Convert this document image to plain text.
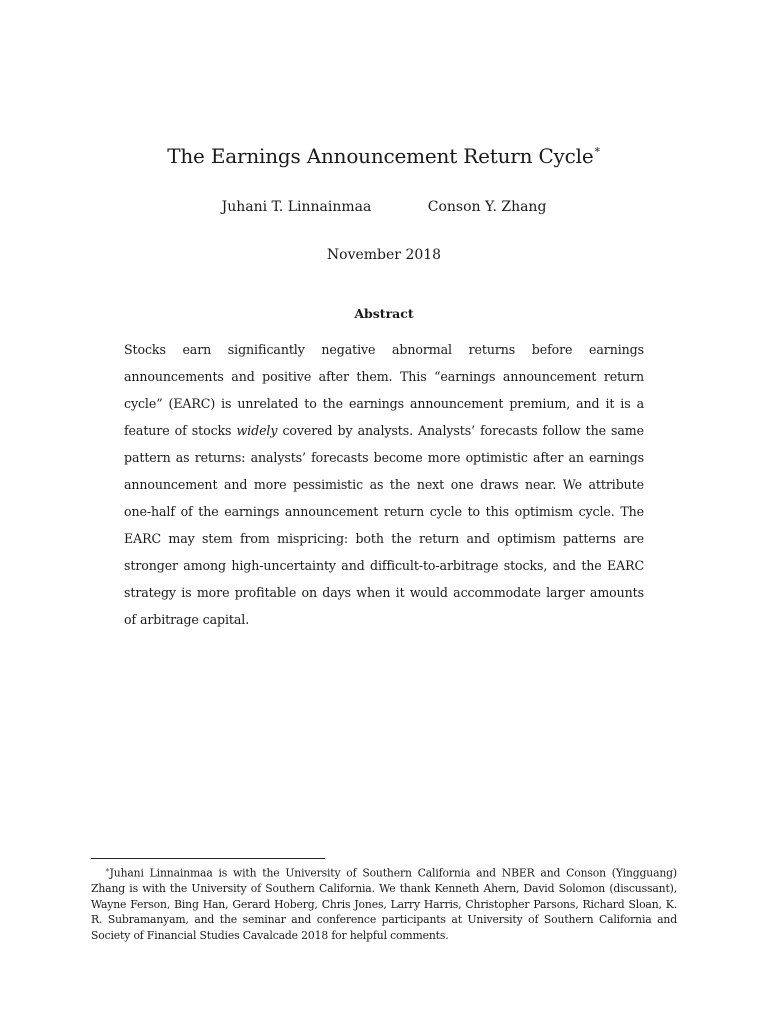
The Earnings Announcement Return Cycle∗
Juhani T. Linnainmaa	Conson Y. Zhang
November 2018
Abstract
Stocks earn significantly negative abnormal returns before earnings announcements and positive after them. This “earnings announcement return cycle” (EARC) is unrelated to the earnings announcement premium, and it is a feature of stocks widely covered by analysts. Analysts’ forecasts follow the same pattern as returns: analysts’ forecasts become more optimistic after an earnings announcement and more pessimistic as the next one draws near. We attribute one-half of the earnings announcement return cycle to this optimism cycle. The EARC may stem from mispricing: both the return and optimism patterns are stronger among high-uncertainty and difficult-to-arbitrage stocks, and the EARC strategy is more profitable on days when it would accommodate larger amounts of arbitrage capital.
∗Juhani Linnainmaa is with the University of Southern California and NBER and Conson (Yingguang) Zhang is with the University of Southern California. We thank Kenneth Ahern, David Solomon (discussant), Wayne Ferson, Bing Han, Gerard Hoberg, Chris Jones, Larry Harris, Christopher Parsons, Richard Sloan, K. R. Subramanyam, and the seminar and conference participants at University of Southern California and Society of Financial Studies Cavalcade 2018 for helpful comments.
